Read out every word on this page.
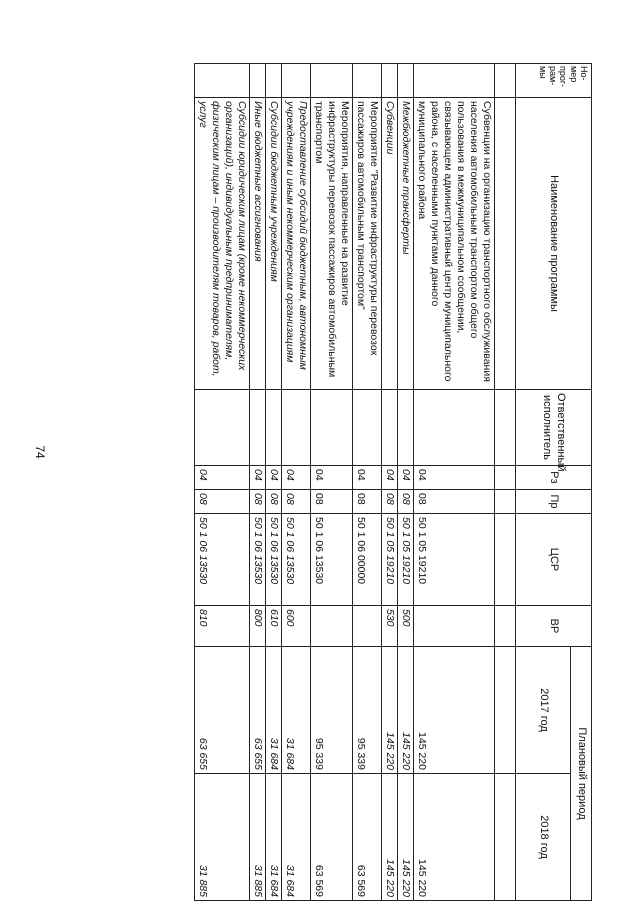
74
Но-мер прог-рам-мы	Наименование программы	Ответственный исполнитель	Рз	Пр	ЦСР	ВР	Плановый период	
							2017 год	2018 год

	Субвенции на организацию транспортного обслуживания населения автомобильным транспортом общего пользования в межмуниципальном сообщении, связывающем административный центр муниципального района, с населенными пунктами данного муниципального района		04	08	50 1 05 19210		145 220	145 220
	Межбюджетные трансферты		04	08	50 1 05 19210	500	145 220	145 220
	Субвенции		04	08	50 1 05 19210	530	145 220	145 220
	Мероприятие "Развитие инфраструктуры перевозок пассажиров автомобильным транспортом"		04	08	50 1 06 00000		95 339	63 569
	Мероприятия, направленные на развитие инфраструктуры перевозок пассажиров автомобильным транспортом		04	08	50 1 06 13530		95 339	63 569
	Предоставление субсидий бюджетным, автономным учреждениям и иным некоммерческим организациям		04	08	50 1 06 13530	600	31 684	31 684
	Субсидии бюджетным учреждениям		04	08	50 1 06 13530	610	31 684	31 684
	Иные бюджетные ассигнования		04	08	50 1 06 13530	800	63 655	31 885
	Субсидии юридическим лицам (кроме некоммерческих организаций), индивидуальным предпринимателям, физическим лицам – производителям товаров, работ, услуг		04	08	50 1 06 13530	810	63 655	31 885
